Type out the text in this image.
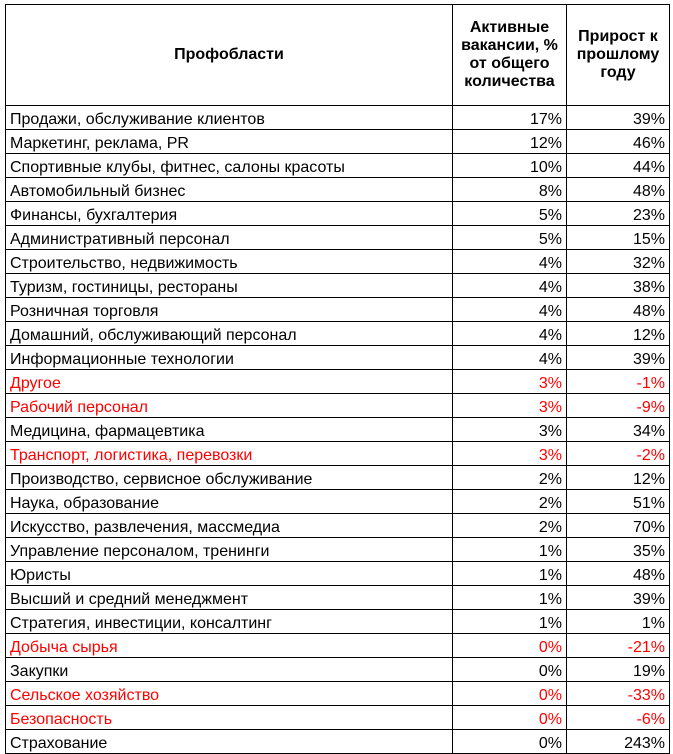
Профобласти	Активные вакансии, % от общего количества	Прирост к прошлому году
Продажи, обслуживание клиентов	17%	39%
Маркетинг, реклама, PR	12%	46%
Спортивные клубы, фитнес, салоны красоты	10%	44%
Автомобильный бизнес	8%	48%
Финансы, бухгалтерия	5%	23%
Административный персонал	5%	15%
Строительство, недвижимость	4%	32%
Туризм, гостиницы, рестораны	4%	38%
Розничная торговля	4%	48%
Домашний, обслуживающий персонал	4%	12%
Информационные технологии	4%	39%
Другое	3%	-1%
Рабочий персонал	3%	-9%
Медицина, фармацевтика	3%	34%
Транспорт, логистика, перевозки	3%	-2%
Производство, сервисное обслуживание	2%	12%
Наука, образование	2%	51%
Искусство, развлечения, массмедиа	2%	70%
Управление персоналом, тренинги	1%	35%
Юристы	1%	48%
Высший и средний менеджмент	1%	39%
Стратегия, инвестиции, консалтинг	1%	1%
Добыча сырья	0%	-21%
Закупки	0%	19%
Сельское хозяйство	0%	-33%
Безопасность	0%	-6%
Страхование	0%	243%
